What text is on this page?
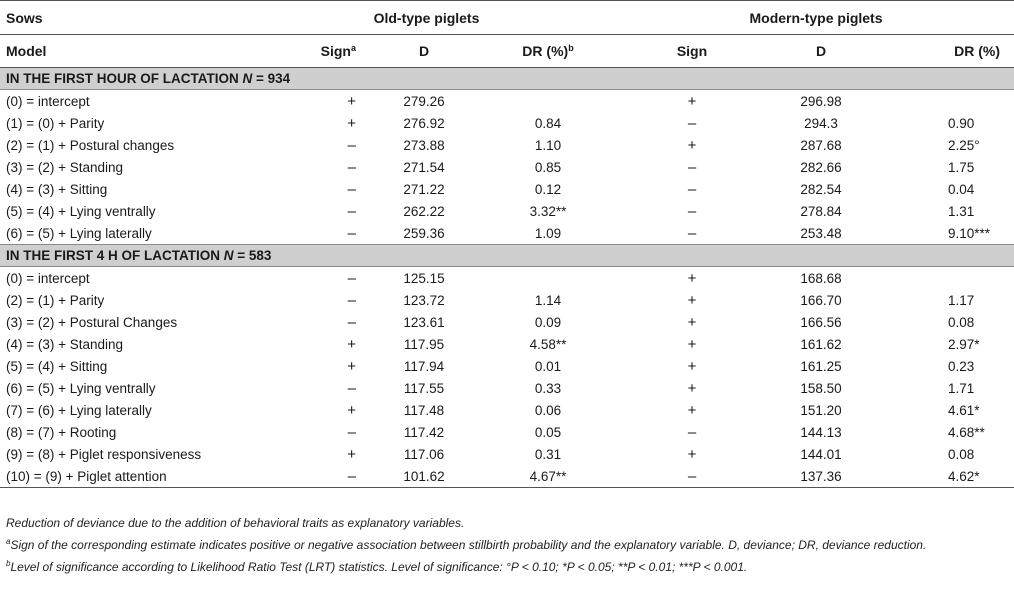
Sows	Old-type piglets			Modern-type piglets		
Model	Sign$^a$	D	DR (%)$^b$	Sign	D	DR (%)
IN THE FIRST HOUR OF LACTATION N = 934						
(0) = intercept	+	279.26		+	296.98	
(1) = (0) + Parity	+	276.92	0.84	–	294.3	0.90
(2) = (1) + Postural changes	–	273.88	1.10	+	287.68	2.25°
(3) = (2) + Standing	–	271.54	0.85	–	282.66	1.75
(4) = (3) + Sitting	–	271.22	0.12	–	282.54	0.04
(5) = (4) + Lying ventrally	–	262.22	3.32**	–	278.84	1.31
(6) = (5) + Lying laterally	–	259.36	1.09	–	253.48	9.10***
IN THE FIRST 4 H OF LACTATION N = 583						
(0) = intercept	–	125.15		+	168.68	
(2) = (1) + Parity	–	123.72	1.14	+	166.70	1.17
(3) = (2) + Postural Changes	–	123.61	0.09	+	166.56	0.08
(4) = (3) + Standing	+	117.95	4.58**	+	161.62	2.97*
(5) = (4) + Sitting	+	117.94	0.01	+	161.25	0.23
(6) = (5) + Lying ventrally	–	117.55	0.33	+	158.50	1.71
(7) = (6) + Lying laterally	+	117.48	0.06	+	151.20	4.61*
(8) = (7) + Rooting	–	117.42	0.05	–	144.13	4.68**
(9) = (8) + Piglet responsiveness	+	117.06	0.31	+	144.01	0.08
(10) = (9) + Piglet attention	–	101.62	4.67**	–	137.36	4.62*

Reduction of deviance due to the addition of behavioral traits as explanatory variables.

$^a$Sign of the corresponding estimate indicates positive or negative association between stillbirth probability and the explanatory variable. D, deviance; DR, deviance reduction.

$^b$Level of significance according to Likelihood Ratio Test (LRT) statistics. Level of significance: °P < 0.10; *P < 0.05; **P < 0.01; ***P < 0.001.
